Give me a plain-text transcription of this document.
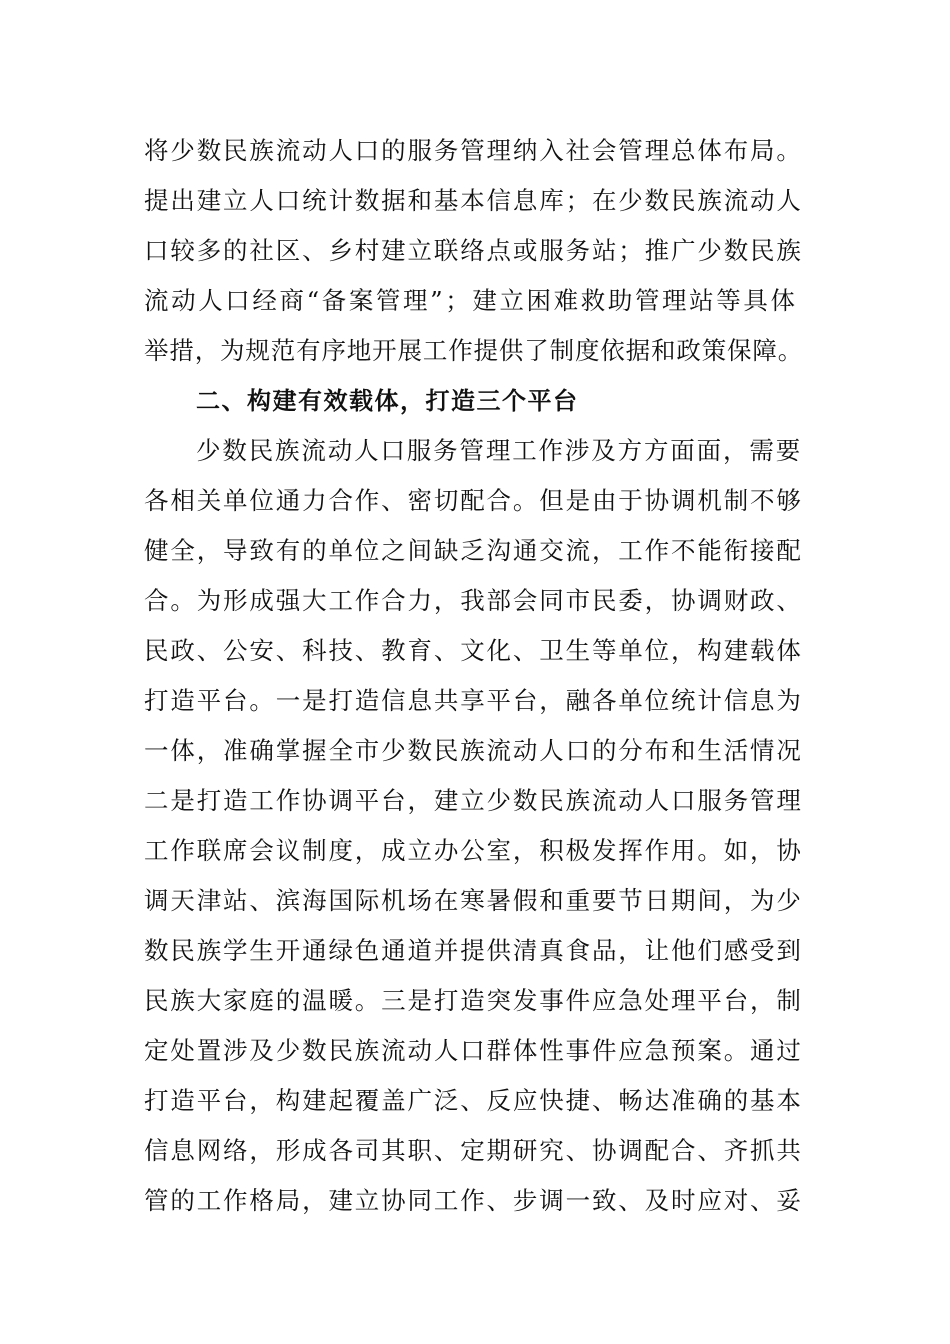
将少数民族流动人口的服务管理纳入社会管理总体布局。
提出建立人口统计数据和基本信息库；在少数民族流动人
口较多的社区、乡村建立联络点或服务站；推广少数民族
流动人口经商“备案管理”；建立困难救助管理站等具体
举措，为规范有序地开展工作提供了制度依据和政策保障。
二、构建有效载体，打造三个平台
少数民族流动人口服务管理工作涉及方方面面，需要
各相关单位通力合作、密切配合。但是由于协调机制不够
健全，导致有的单位之间缺乏沟通交流，工作不能衔接配
合。为形成强大工作合力，我部会同市民委，协调财政、
民政、公安、科技、教育、文化、卫生等单位，构建载体
打造平台。一是打造信息共享平台，融各单位统计信息为
一体，准确掌握全市少数民族流动人口的分布和生活情况
二是打造工作协调平台，建立少数民族流动人口服务管理
工作联席会议制度，成立办公室，积极发挥作用。如，协
调天津站、滨海国际机场在寒暑假和重要节日期间，为少
数民族学生开通绿色通道并提供清真食品，让他们感受到
民族大家庭的温暖。三是打造突发事件应急处理平台，制
定处置涉及少数民族流动人口群体性事件应急预案。通过
打造平台，构建起覆盖广泛、反应快捷、畅达准确的基本
信息网络，形成各司其职、定期研究、协调配合、齐抓共
管的工作格局，建立协同工作、步调一致、及时应对、妥
